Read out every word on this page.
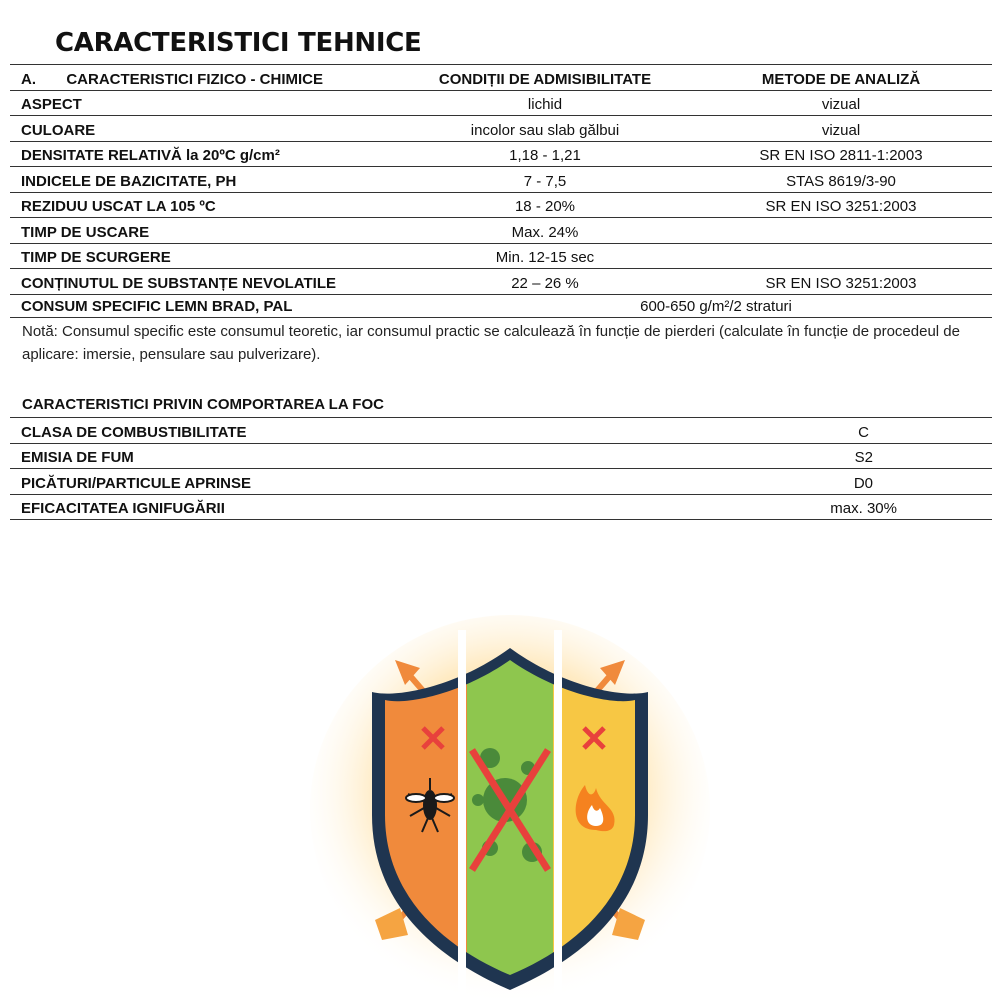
CARACTERISTICI TEHNICE
A. CARACTERISTICI FIZICO - CHIMICE	CONDIȚII DE ADMISIBILITATE	METODE DE ANALIZĂ
ASPECT	lichid	vizual
CULOARE	incolor sau slab gălbui	vizual
DENSITATE RELATIVĂ la 20ºC g/cm²	1,18 - 1,21	SR EN ISO 2811-1:2003
INDICELE DE BAZICITATE, PH	7 - 7,5	STAS 8619/3-90
REZIDUU USCAT LA 105 ºC	18 - 20%	SR EN ISO 3251:2003
TIMP DE USCARE	Max. 24%	
TIMP DE SCURGERE	Min. 12-15 sec	
CONȚINUTUL DE SUBSTANȚE NEVOLATILE	22 – 26 %	SR EN ISO 3251:2003
CONSUM SPECIFIC LEMN BRAD, PAL	600-650 g/m²/2 straturi	

Notă: Consumul specific este consumul teoretic, iar consumul practic se calculează în funcție de pierderi (calculate în funcție de procedeul de aplicare: imersie, pensulare sau pulverizare).

CARACTERISTICI PRIVIN COMPORTAREA LA FOC

CLASA DE COMBUSTIBILITATE	C
EMISIA DE FUM	S2
PICĂTURI/PARTICULE APRINSE	D0
EFICACITATEA IGNIFUGĂRII	max. 30%
